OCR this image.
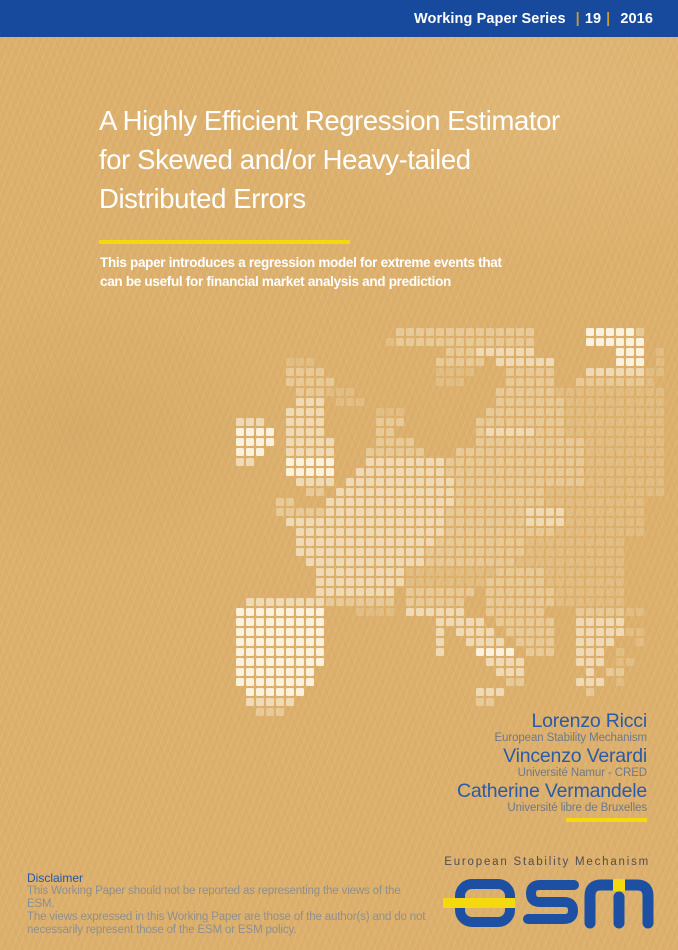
Working Paper Series | 19 | 2016
A Highly Efficient Regression Estimator
for Skewed and/or Heavy-tailed
Distributed Errors
This paper introduces a regression model for extreme events that
can be useful for financial market analysis and prediction
Lorenzo Ricci
European Stability Mechanism
Vincenzo Verardi
Université Namur - CRED
Catherine Vermandele
Université libre de Bruxelles
Disclaimer
This Working Paper should not be reported as representing the views of the ESM.
The views expressed in this Working Paper are those of the author(s) and do not
necessarily represent those of the ESM or ESM policy.
European Stability Mechanism
